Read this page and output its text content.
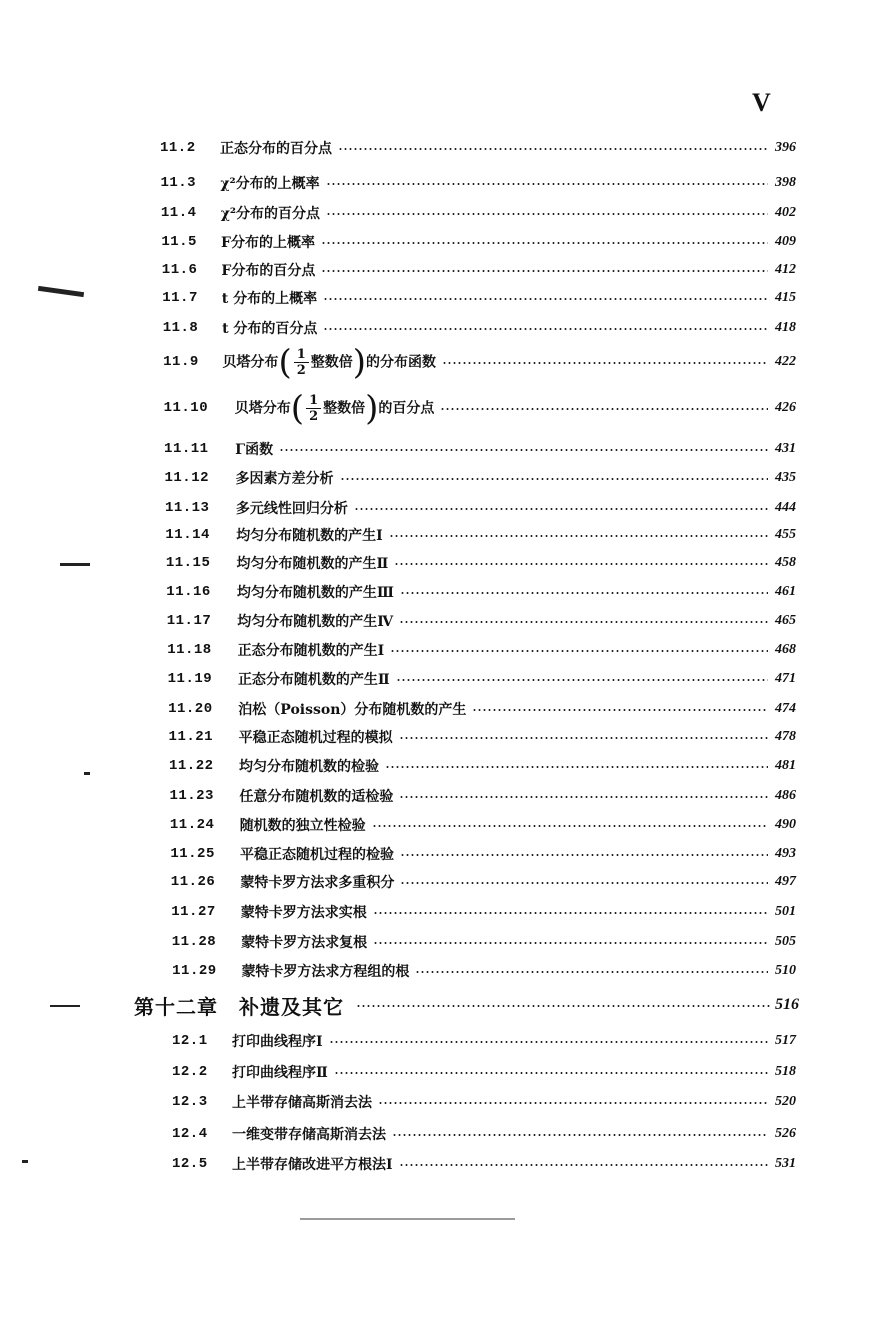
V
11.2 正态分布的百分点	396
11.3 χ²分布的上概率	398
11.4 χ²分布的百分点	402
11.5 F分布的上概率	409
11.6 F分布的百分点	412
11.7 t 分布的上概率	415
11.8 t 分布的百分点	418
11.9 贝塔分布( $\frac{1}{2}$ 整数倍)的分布函数	422
11.10 贝塔分布( $\frac{1}{2}$ 整数倍)的百分点	426
11.11 Γ函数	431
11.12 多因素方差分析	435
11.13 多元线性回归分析	444
11.14 均匀分布随机数的产生Ⅰ	455
11.15 均匀分布随机数的产生Ⅱ	458
11.16 均匀分布随机数的产生Ⅲ	461
11.17 均匀分布随机数的产生Ⅳ	465
11.18 正态分布随机数的产生Ⅰ	468
11.19 正态分布随机数的产生Ⅱ	471
11.20 泊松（Poisson）分布随机数的产生	474
11.21 平稳正态随机过程的模拟	478
11.22 均匀分布随机数的检验	481
11.23 任意分布随机数的适检验	486
11.24 随机数的独立性检验	490
11.25 平稳正态随机过程的检验	493
11.26 蒙特卡罗方法求多重积分	497
11.27 蒙特卡罗方法求实根	501
11.28 蒙特卡罗方法求复根	505
11.29 蒙特卡罗方法求方程组的根	510
第十二章　补遗及其它	516
12.1 打印曲线程序Ⅰ	517
12.2 打印曲线程序Ⅱ	518
12.3 上半带存储高斯消去法	520
12.4 一维变带存储高斯消去法	526
12.5 上半带存储改进平方根法Ⅰ	531
